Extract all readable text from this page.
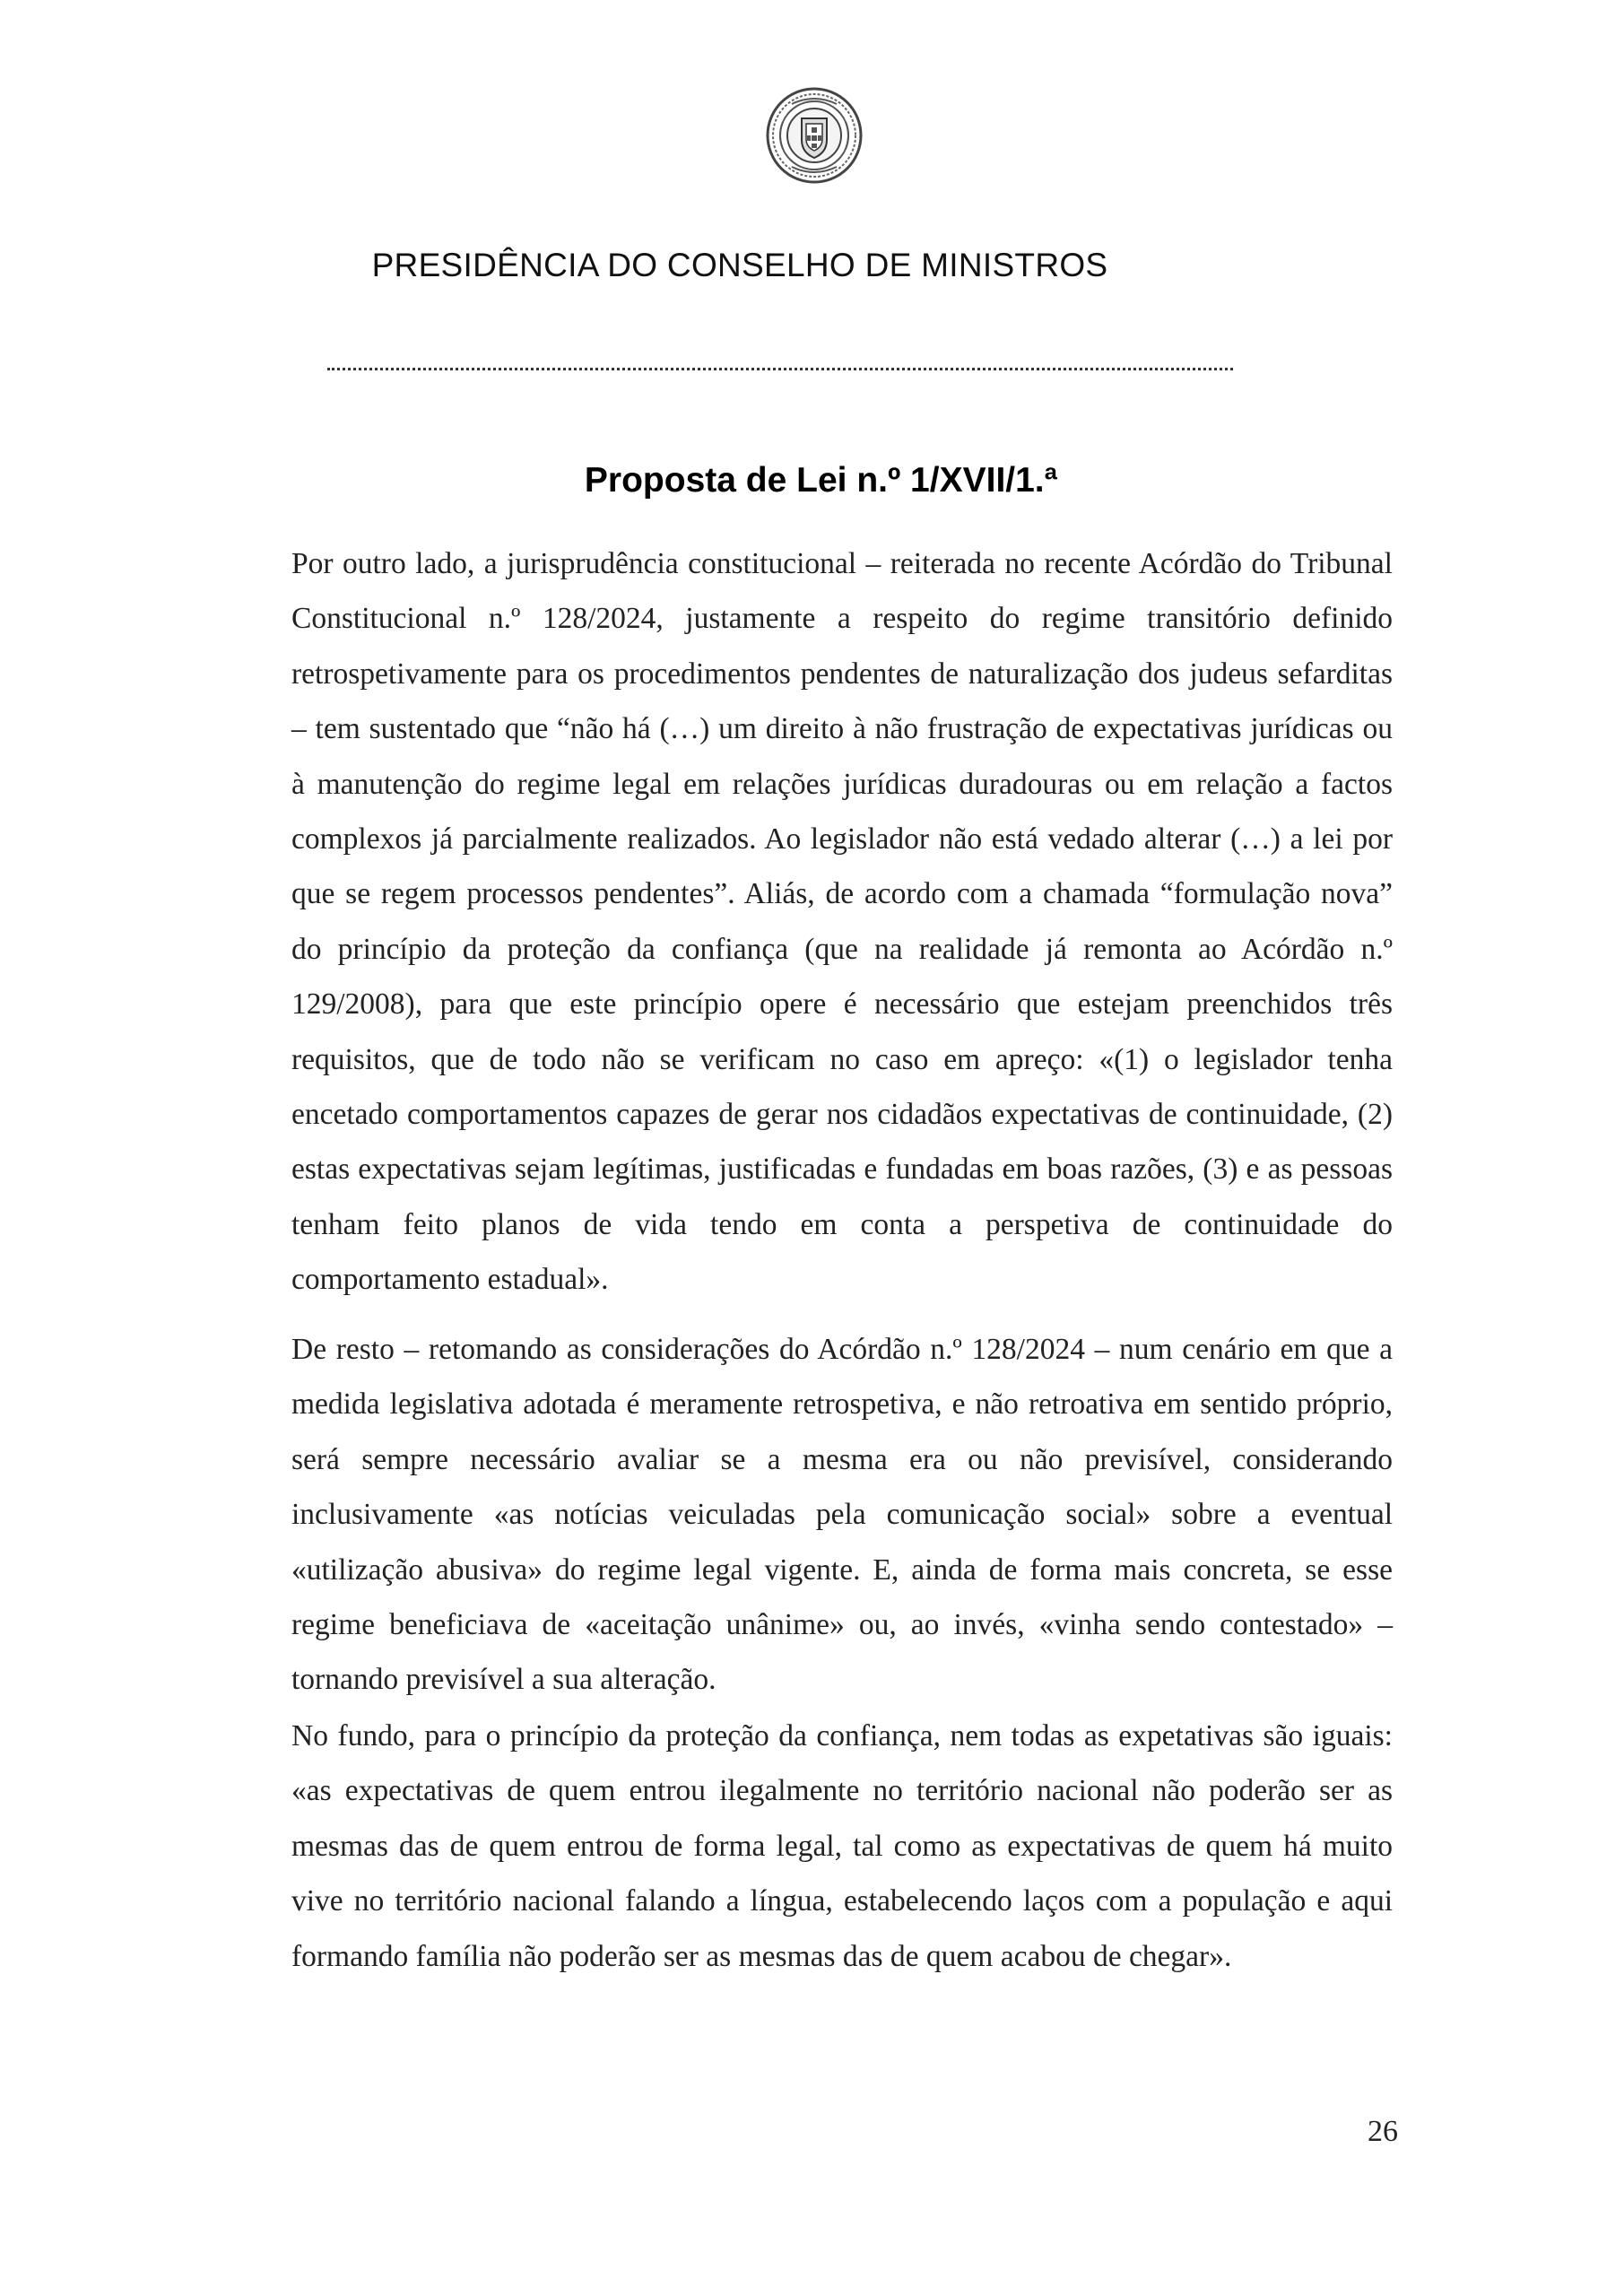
PRESIDÊNCIA DO CONSELHO DE MINISTROS
Proposta de Lei n.º 1/XVII/1.ª

Por outro lado, a jurisprudência constitucional – reiterada no recente Acórdão do Tribunal Constitucional n.º 128/2024, justamente a respeito do regime transitório definido retrospetivamente para os procedimentos pendentes de naturalização dos judeus sefarditas – tem sustentado que “não há (…) um direito à não frustração de expectativas jurídicas ou à manutenção do regime legal em relações jurídicas duradouras ou em relação a factos complexos já parcialmente realizados. Ao legislador não está vedado alterar (…) a lei por que se regem processos pendentes”. Aliás, de acordo com a chamada “formulação nova” do princípio da proteção da confiança (que na realidade já remonta ao Acórdão n.º 129/2008), para que este princípio opere é necessário que estejam preenchidos três requisitos, que de todo não se verificam no caso em apreço: «(1) o legislador tenha encetado comportamentos capazes de gerar nos cidadãos expectativas de continuidade, (2) estas expectativas sejam legítimas, justificadas e fundadas em boas razões, (3) e as pessoas tenham feito planos de vida tendo em conta a perspetiva de continuidade do comportamento estadual».

De resto – retomando as considerações do Acórdão n.º 128/2024 – num cenário em que a medida legislativa adotada é meramente retrospetiva, e não retroativa em sentido próprio, será sempre necessário avaliar se a mesma era ou não previsível, considerando inclusivamente «as notícias veiculadas pela comunicação social» sobre a eventual «utilização abusiva» do regime legal vigente. E, ainda de forma mais concreta, se esse regime beneficiava de «aceitação unânime» ou, ao invés, «vinha sendo contestado» – tornando previsível a sua alteração.

No fundo, para o princípio da proteção da confiança, nem todas as expetativas são iguais: «as expectativas de quem entrou ilegalmente no território nacional não poderão ser as mesmas das de quem entrou de forma legal, tal como as expectativas de quem há muito vive no território nacional falando a língua, estabelecendo laços com a população e aqui formando família não poderão ser as mesmas das de quem acabou de chegar».

26
